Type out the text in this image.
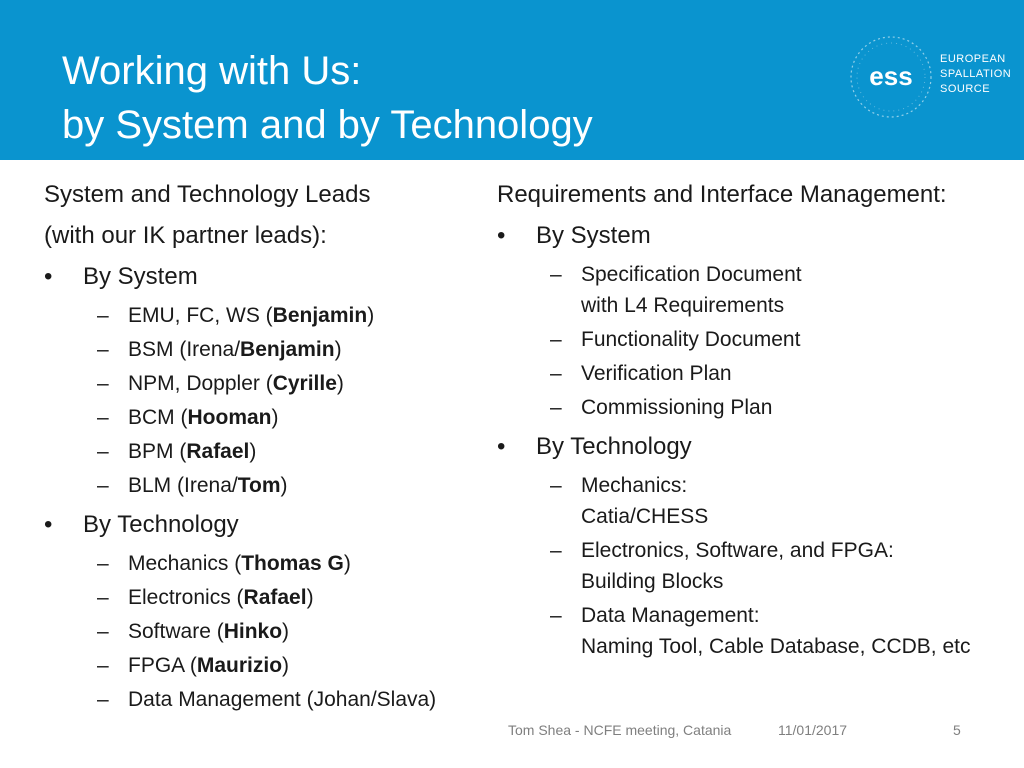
Working with Us:
by System and by Technology
ess
EUROPEAN
SPALLATION
SOURCE
System and Technology Leads
(with our IK partner leads):
• By System
– EMU, FC, WS (Benjamin)
– BSM (Irena/Benjamin)
– NPM, Doppler (Cyrille)
– BCM (Hooman)
– BPM (Rafael)
– BLM (Irena/Tom)
• By Technology
– Mechanics (Thomas G)
– Electronics (Rafael)
– Software (Hinko)
– FPGA (Maurizio)
– Data Management (Johan/Slava)
Requirements and Interface Management:
• By System
– Specification Document
with L4 Requirements
– Functionality Document
– Verification Plan
– Commissioning Plan
• By Technology
– Mechanics:
Catia/CHESS
– Electronics, Software, and FPGA:
Building Blocks
– Data Management:
Naming Tool, Cable Database, CCDB, etc
Tom Shea - NCFE meeting, Catania	11/01/2017	5
